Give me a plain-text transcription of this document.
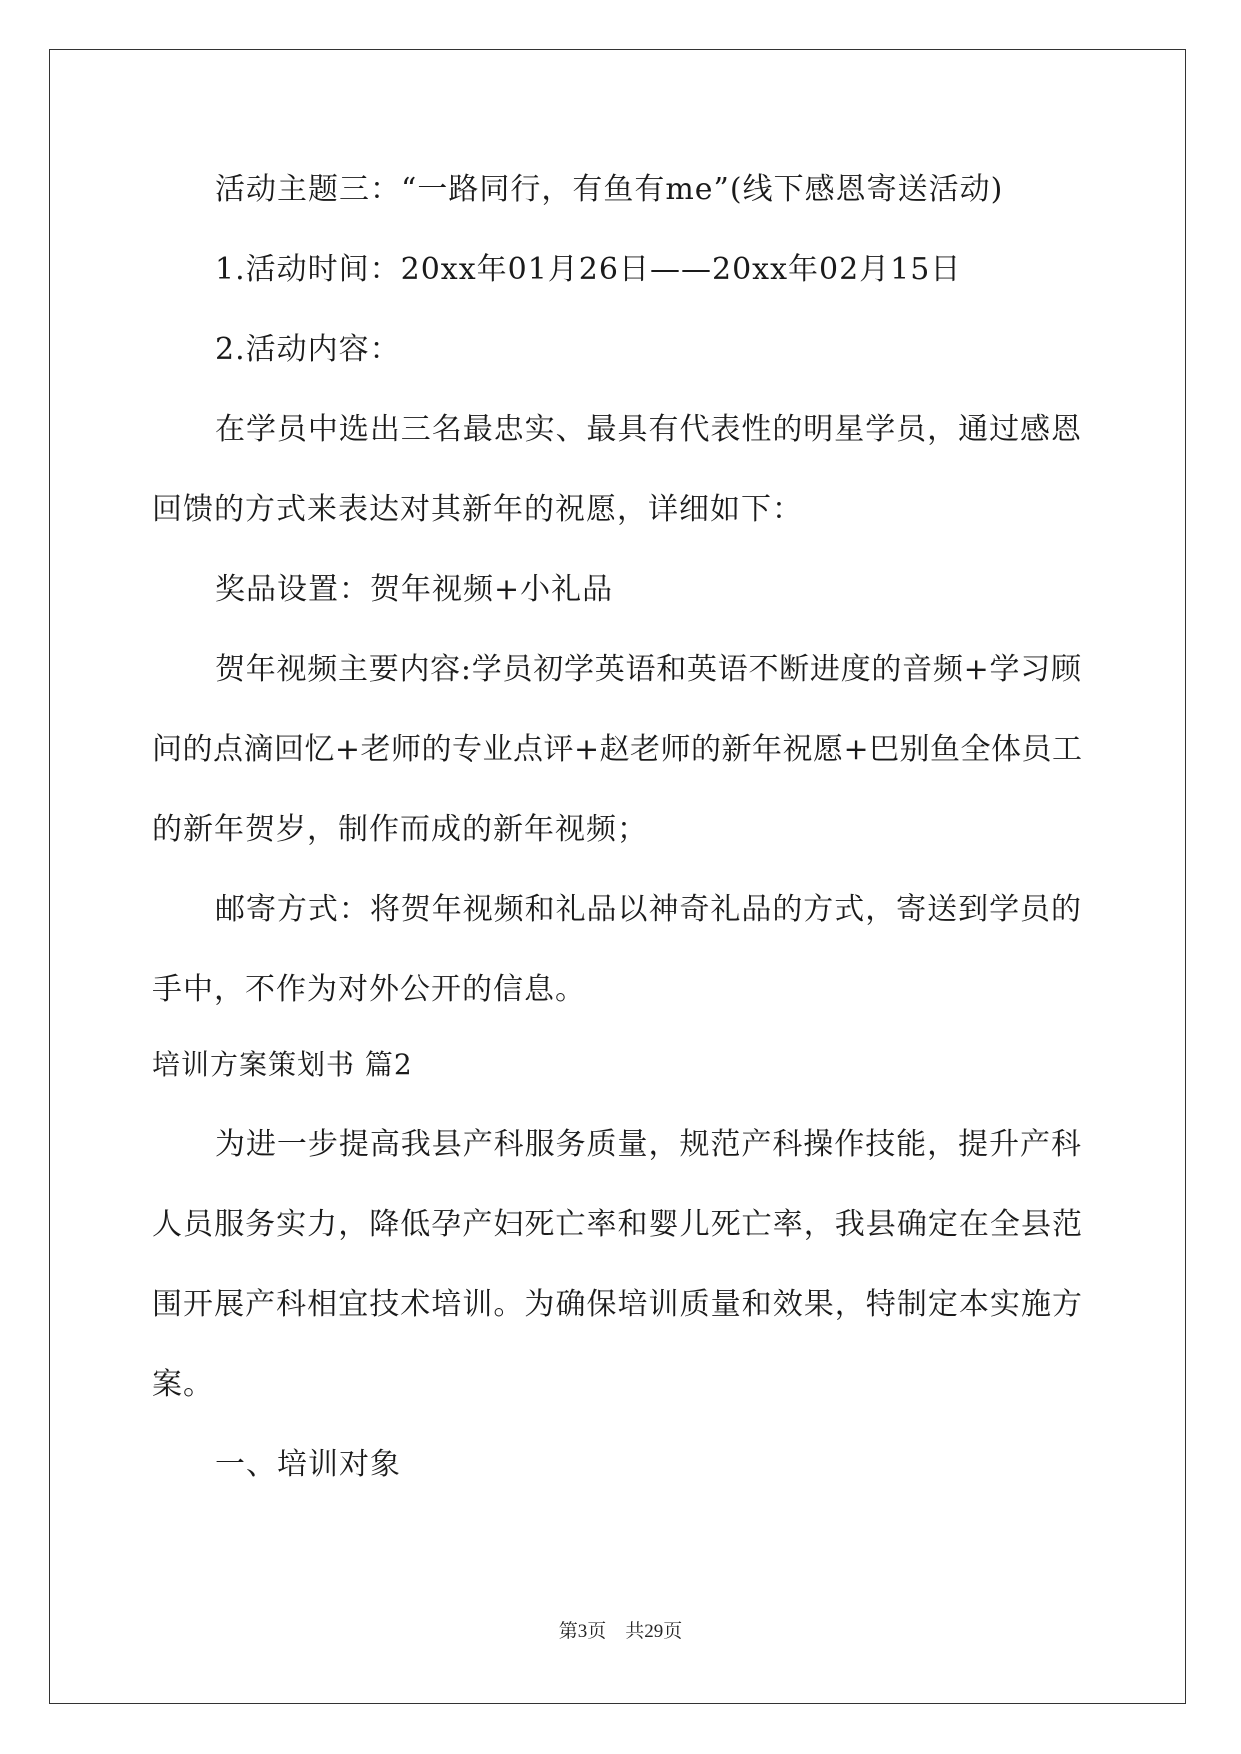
活动主题三：“一路同行，有鱼有me”(线下感恩寄送活动)
1.活动时间：20xx年01月26日——20xx年02月15日
2.活动内容：
在学员中选出三名最忠实、最具有代表性的明星学员，通过感恩
回馈的方式来表达对其新年的祝愿，详细如下：
奖品设置：贺年视频+小礼品
贺年视频主要内容:学员初学英语和英语不断进度的音频+学习顾
问的点滴回忆+老师的专业点评+赵老师的新年祝愿+巴别鱼全体员工
的新年贺岁，制作而成的新年视频；
邮寄方式：将贺年视频和礼品以神奇礼品的方式，寄送到学员的
手中，不作为对外公开的信息。
培训方案策划书 篇2
为进一步提高我县产科服务质量，规范产科操作技能，提升产科
人员服务实力，降低孕产妇死亡率和婴儿死亡率，我县确定在全县范
围开展产科相宜技术培训。为确保培训质量和效果，特制定本实施方
案。
一、培训对象
第3页　共29页
